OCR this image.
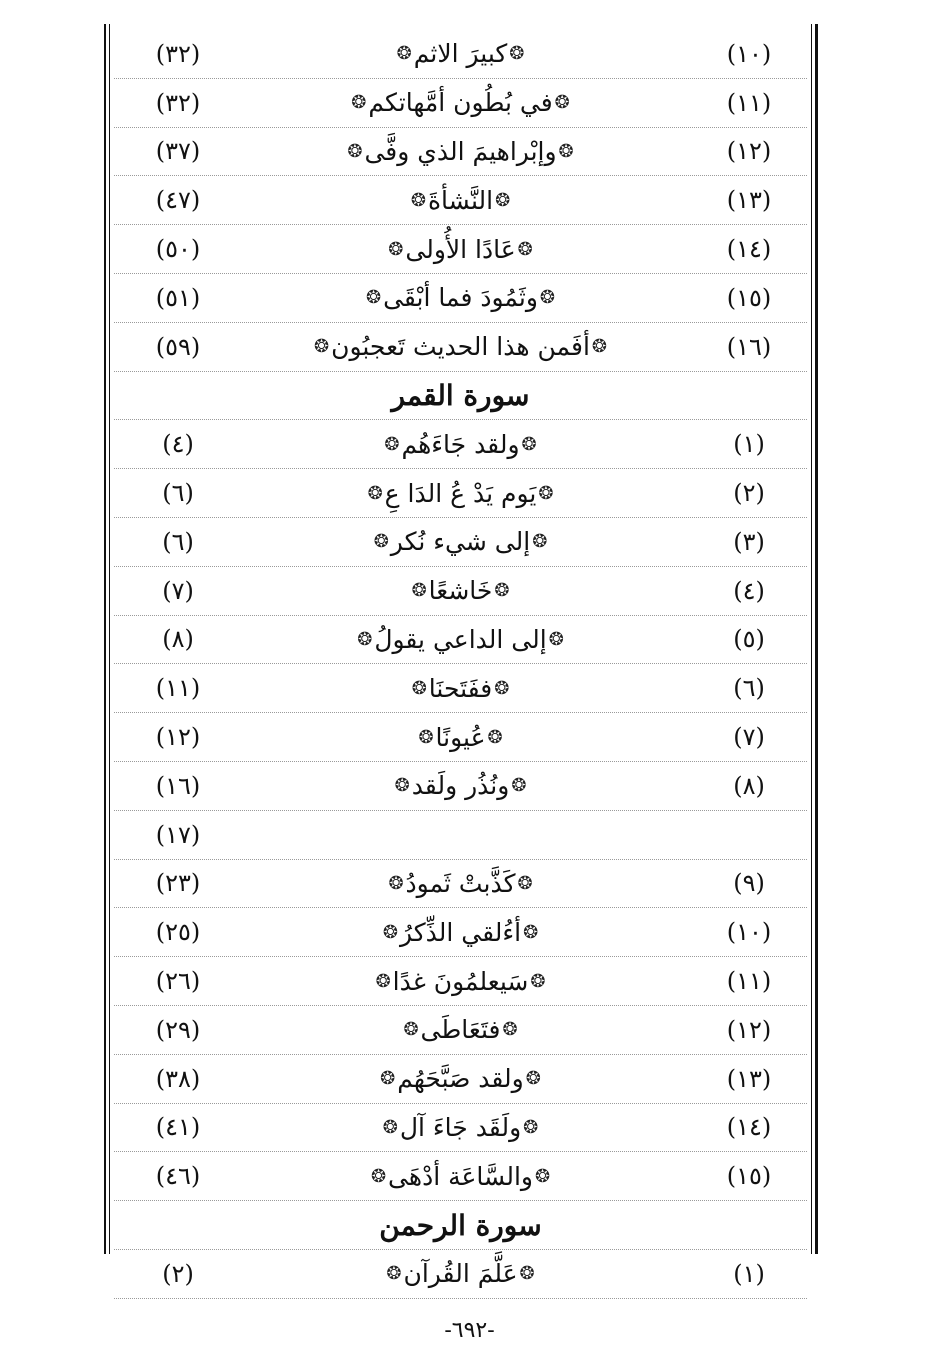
(١٠)
❂
كبيرَ الاثم
❂
(٣٢)
(١١)
❂
في بُطُون أمَّهاتكم
❂
(٣٢)
(١٢)
❂
وإبْراهيمَ الذي وفَّى
❂
(٣٧)
(١٣)
❂
النَّشأةَ
❂
(٤٧)
(١٤)
❂
عَادًا الأُولى
❂
(٥٠)
(١٥)
❂
وثَمُودَ فما أبْقَى
❂
(٥١)
(١٦)
❂
أفَمن هذا الحديث تَعجبُون
❂
(٥٩)
سورة القمر
(١)
❂
ولقد جَاءَهُم
❂
(٤)
(٢)
❂
يَوم يَدْ عُ الدَا عِ
❂
(٦)
(٣)
❂
إلى شيء نُكر
❂
(٦)
(٤)
❂
خَاشعًا
❂
(٧)
(٥)
❂
إلى الداعي يقولُ
❂
(٨)
(٦)
❂
ففَتَحنَا
❂
(١١)
(٧)
❂
عُيونًا
❂
(١٢)
(٨)
❂
ونُذُر ولَقد
❂
(١٦)
(١٧)
(٩)
❂
كَذَّبتْ ثَمودُ
❂
(٢٣)
(١٠)
❂
أءُلقي الذِّكرُ
❂
(٢٥)
(١١)
❂
سَيعلمُونَ غدًا
❂
(٢٦)
(١٢)
❂
فتَعَاطَى
❂
(٢٩)
(١٣)
❂
ولقد صَبَّحَهُم
❂
(٣٨)
(١٤)
❂
ولَقَد جَاءَ آل
❂
(٤١)
(١٥)
❂
والسَّاعَة أدْهَى
❂
(٤٦)
سورة الرحمن
(١)
❂
عَلَّمَ القُرآن
❂
(٢)
-٦٩٢-
